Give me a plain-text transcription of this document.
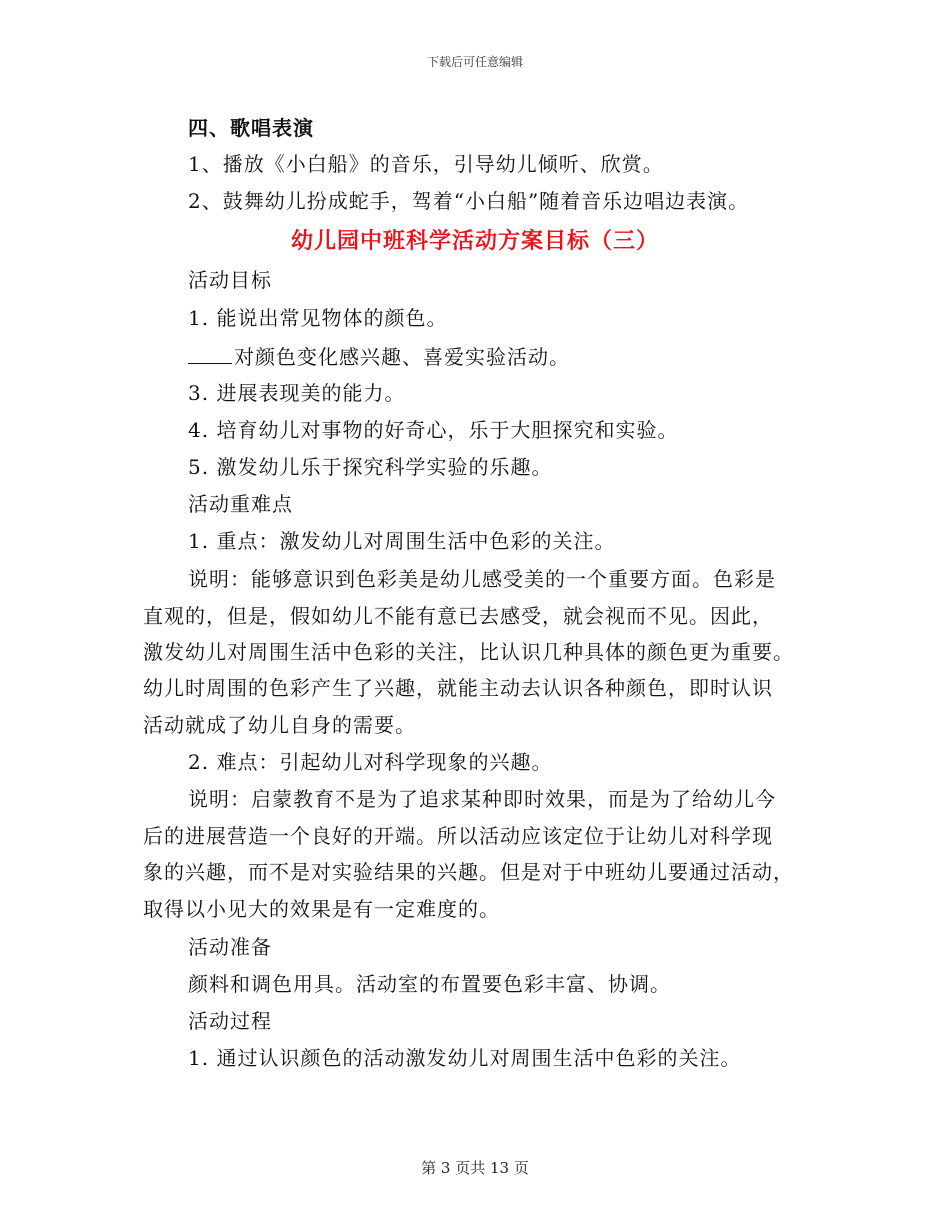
下载后可任意编辑
四、歌唱表演
1、播放《小白船》的音乐，引导幼儿倾听、欣赏。
2、鼓舞幼儿扮成蛇手，驾着“小白船”随着音乐边唱边表演。
幼儿园中班科学活动方案目标（三）
活动目标
1. 能说出常见物体的颜色。
对颜色变化感兴趣、喜爱实验活动。
3. 进展表现美的能力。
4. 培育幼儿对事物的好奇心，乐于大胆探究和实验。
5. 激发幼儿乐于探究科学实验的乐趣。
活动重难点
1. 重点：激发幼儿对周围生活中色彩的关注。
说明：能够意识到色彩美是幼儿感受美的一个重要方面。色彩是
直观的，但是，假如幼儿不能有意已去感受，就会视而不见。因此，
激发幼儿对周围生活中色彩的关注，比认识几种具体的颜色更为重要。
幼儿时周围的色彩产生了兴趣，就能主动去认识各种颜色，即时认识
活动就成了幼儿自身的需要。
2. 难点：引起幼儿对科学现象的兴趣。
说明：启蒙教育不是为了追求某种即时效果，而是为了给幼儿今
后的进展营造一个良好的开端。所以活动应该定位于让幼儿对科学现
象的兴趣，而不是对实验结果的兴趣。但是对于中班幼儿要通过活动，
取得以小见大的效果是有一定难度的。
活动准备
颜料和调色用具。活动室的布置要色彩丰富、协调。
活动过程
1. 通过认识颜色的活动激发幼儿对周围生活中色彩的关注。
第 3 页共 13 页
